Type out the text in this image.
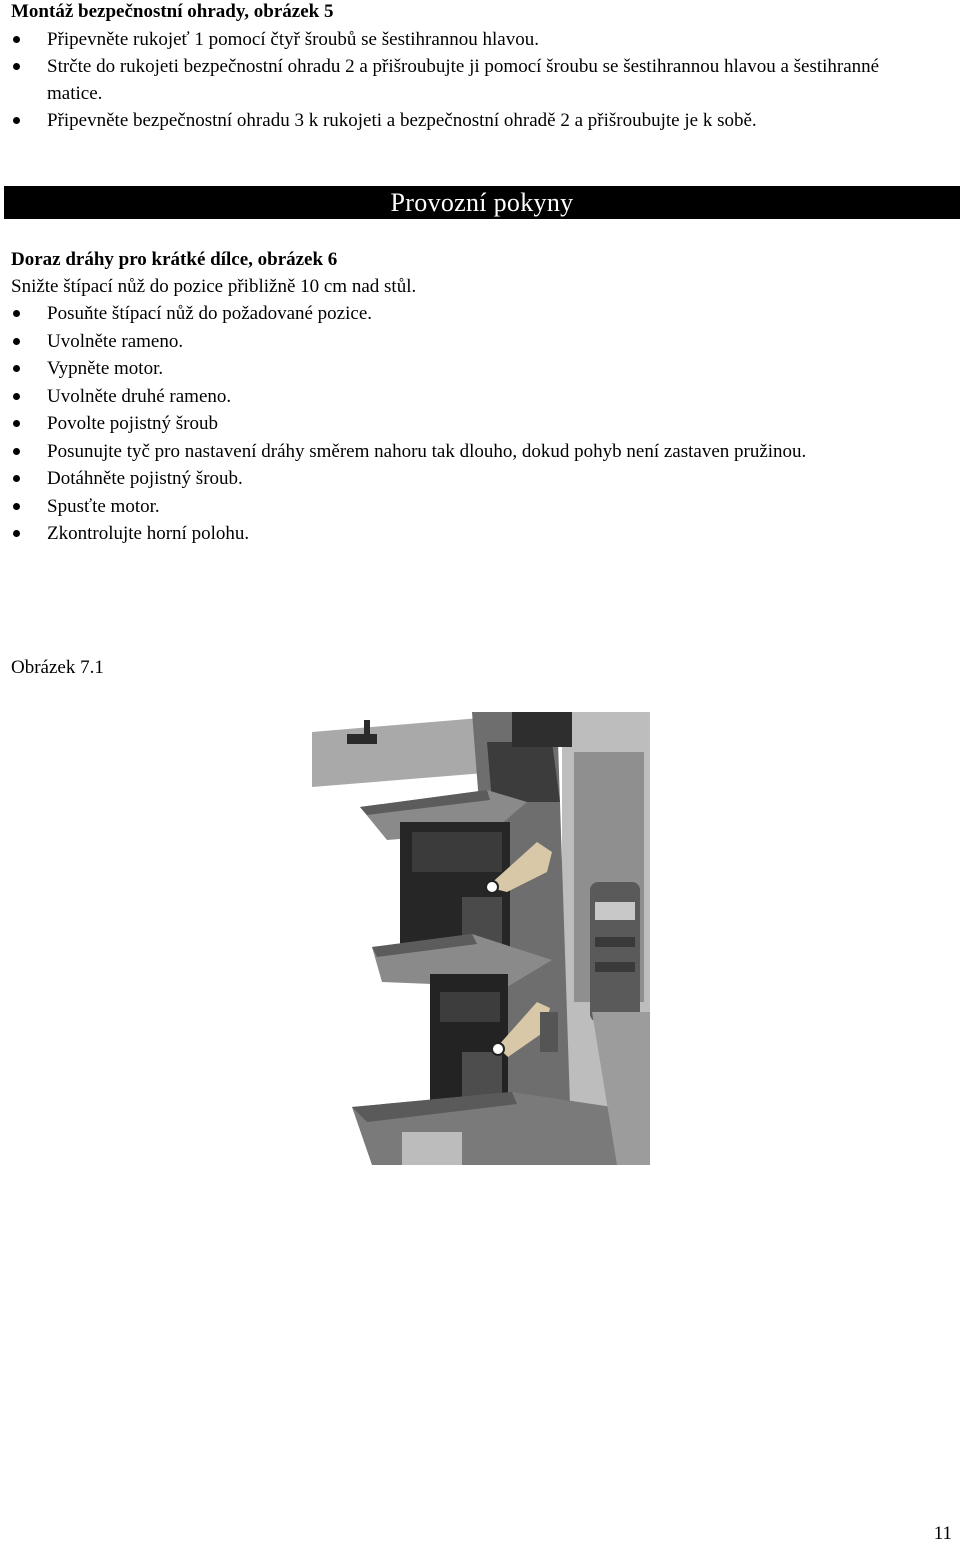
Montáž bezpečnostní ohrady, obrázek 5

Připevněte rukojeť 1 pomocí čtyř šroubů se šestihrannou hlavou.
Strčte do rukojeti bezpečnostní ohradu 2 a přišroubujte ji pomocí šroubu se šestihrannou hlavou a šestihranné matice.
Připevněte bezpečnostní ohradu 3 k rukojeti a bezpečnostní ohradě 2 a přišroubujte je k sobě.
Provozní pokyny

Doraz dráhy pro krátké dílce, obrázek 6

Snižte štípací nůž do pozice přibližně 10 cm nad stůl.

Posuňte štípací nůž do požadované pozice.
Uvolněte rameno.
Vypněte motor.
Uvolněte druhé rameno.
Povolte pojistný šroub
Posunujte tyč pro nastavení dráhy směrem nahoru tak dlouho, dokud pohyb není zastaven pružinou.
Dotáhněte pojistný šroub.
Spusťte motor.
Zkontrolujte horní polohu.

Obrázek 7.1

11
